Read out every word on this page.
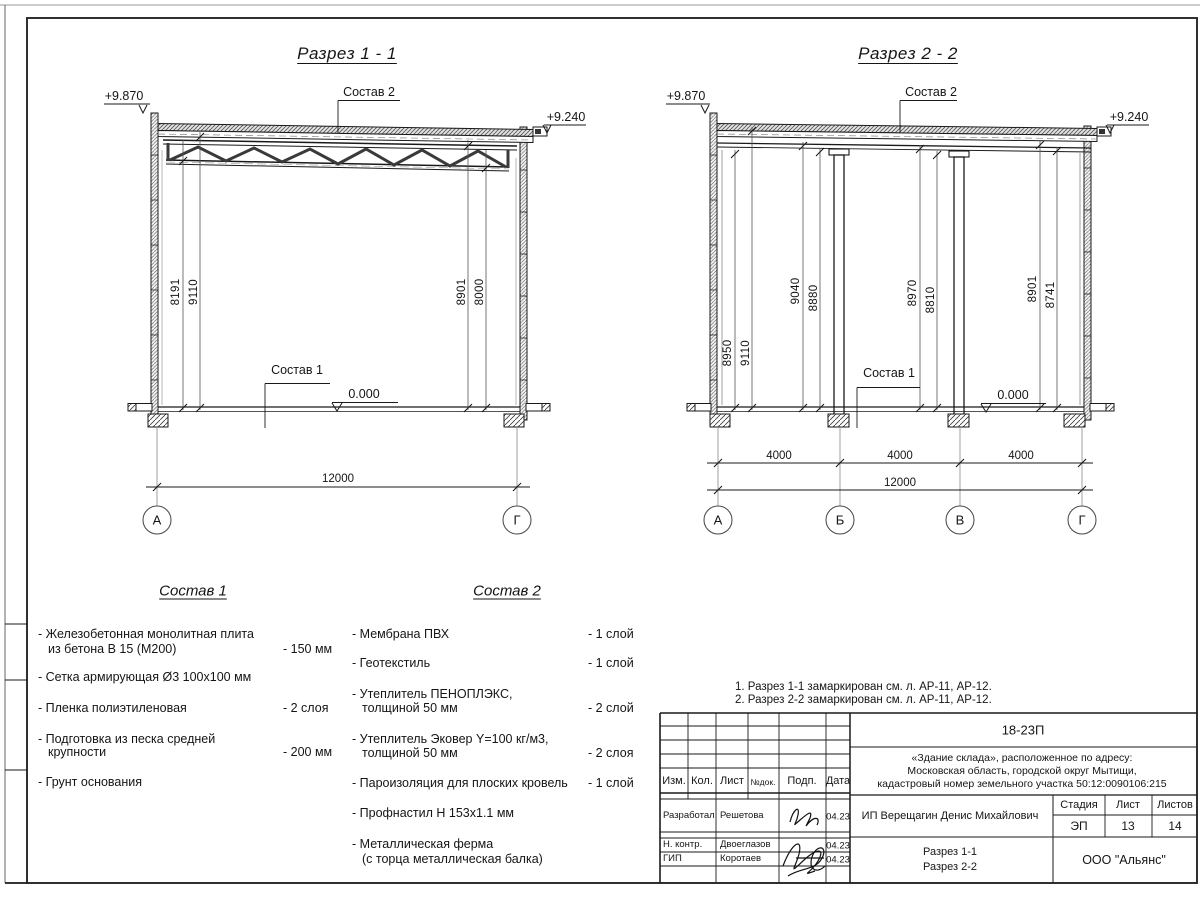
Разрез 1 - 1
+9.870
+9.240
Состав 2
Состав 1
0.000
8191 9110	8901 8000
12000
А	Г
Разрез 2 - 2
+9.870
+9.240
Состав 2
Состав 1
0.000
8950 9110
9040 8880	8970 8810	8901 8741
4000	4000	4000
12000
А	Б	В	Г
Состав 1
- Железобетонная монолитная плита
из бетона В 15 (М200)	- 150 мм
- Сетка армирующая Ø3 100х100 мм
- Пленка полиэтиленовая	- 2 слоя
- Подготовка из песка средней
крупности	- 200 мм
- Грунт основания
Состав 2
- Мембрана ПВХ	- 1 слой
- Геотекстиль	- 1 слой
- Утеплитель ПЕНОПЛЭКС,
толщиной 50 мм	- 2 слой
- Утеплитель Эковер Y=100 кг/м3,
толщиной 50 мм	- 2 слоя
- Пароизоляция для плоских кровель - 1 слой
- Профнастил Н 153х1.1 мм
- Металлическая ферма
(с торца металлическая балка)
1. Разрез 1-1 замаркирован см. л. АР-11, АР-12.
2. Разрез 2-2 замаркирован см. л. АР-11, АР-12.
18-23П
«Здание склада», расположенное по адресу:
Московская область, городской округ Мытищи,
кадастровый номер земельного участка 50:12:0090106:215
Изм. Кол. Лист №док. Подп. Дата
Разработал Решетова	04.23
Н. контр. Двоеглазов	04.23
ГИП	Коротаев	04.23
ИП Верещагин Денис Михайлович
Стадия Лист Листов
ЭП	13	14
Разрез 1-1
Разрез 2-2	ООО "Альянс"
